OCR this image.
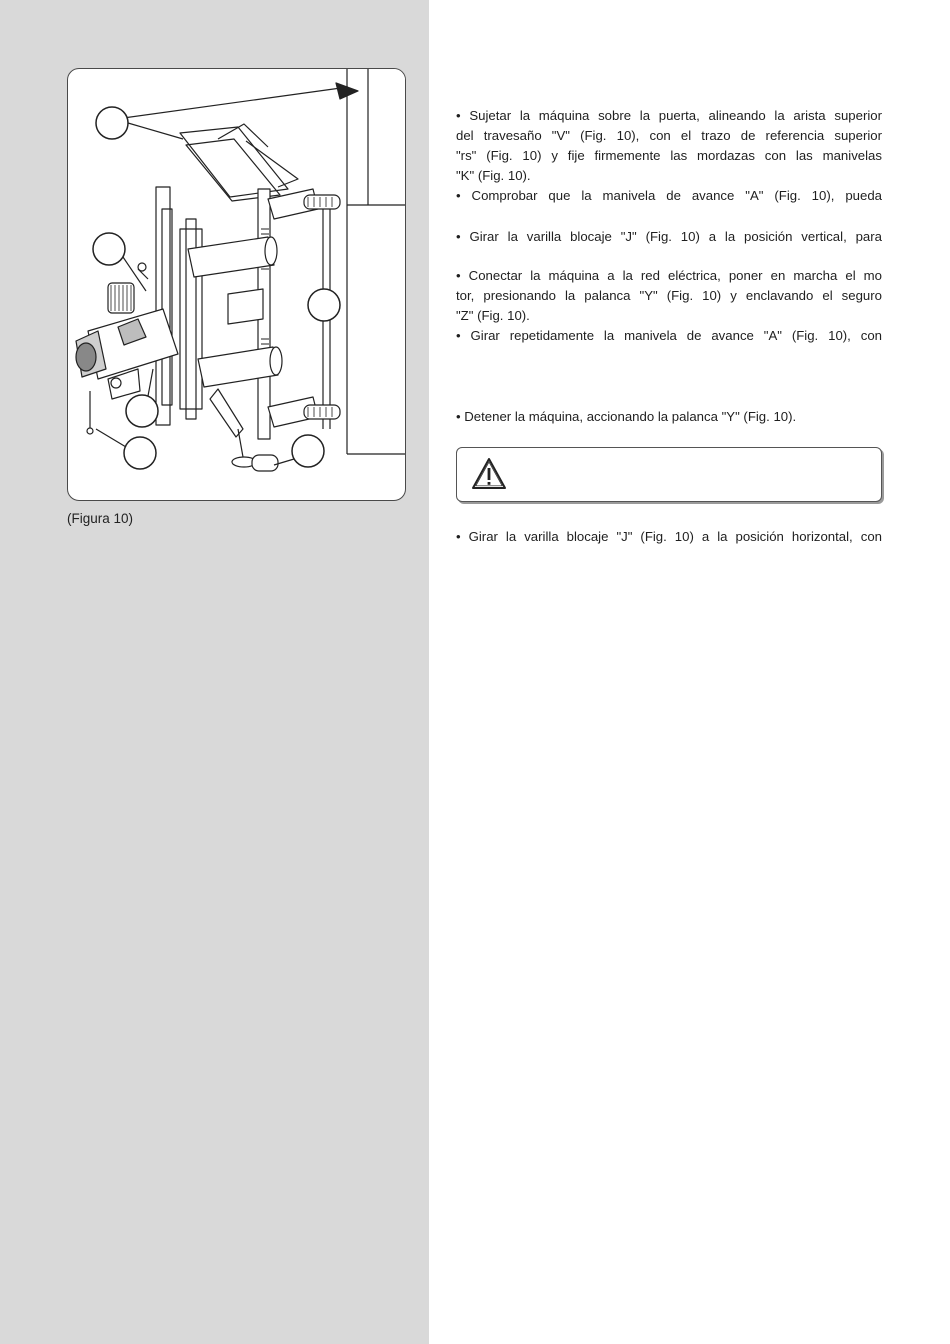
(Figura 10)
• Sujetar la máquina sobre la puerta, alineando la arista superior
del travesaño "V" (Fig. 10), con el trazo de referencia superior
"rs" (Fig. 10) y fije firmemente las mordazas con las manivelas
"K" (Fig. 10).
• Comprobar que la manivela de avance "A" (Fig. 10), pueda
• Girar la varilla blocaje "J" (Fig. 10) a la posición vertical, para
• Conectar la máquina a la red eléctrica, poner en marcha el mo
tor, presionando la palanca "Y" (Fig. 10) y enclavando el seguro
"Z" (Fig. 10).
• Girar repetidamente la manivela de avance "A" (Fig. 10), con
• Detener la máquina, accionando la palanca "Y" (Fig. 10).
• Girar la varilla blocaje "J" (Fig. 10) a la posición horizontal, con
